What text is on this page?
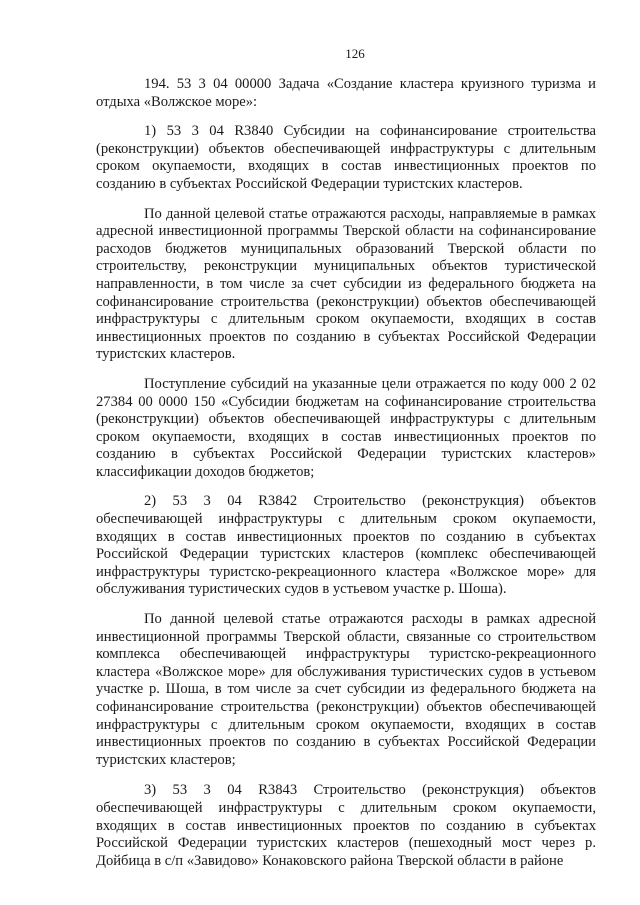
126

194. 53 3 04 00000 Задача «Создание кластера круизного туризма и отдыха «Волжское море»:

1) 53 3 04 R3840 Субсидии на софинансирование строительства (реконструкции) объектов обеспечивающей инфраструктуры с длительным сроком окупаемости, входящих в состав инвестиционных проектов по созданию в субъектах Российской Федерации туристских кластеров.

По данной целевой статье отражаются расходы, направляемые в рамках адресной инвестиционной программы Тверской области на софинансирование расходов бюджетов муниципальных образований Тверской области по строительству, реконструкции муниципальных объектов туристической направленности, в том числе за счет субсидии из федерального бюджета на софинансирование строительства (реконструкции) объектов обеспечивающей инфраструктуры с длительным сроком окупаемости, входящих в состав инвестиционных проектов по созданию в субъектах Российской Федерации туристских кластеров.

Поступление субсидий на указанные цели отражается по коду 000 2 02 27384 00 0000 150 «Субсидии бюджетам на софинансирование строительства (реконструкции) объектов обеспечивающей инфраструктуры с длительным сроком окупаемости, входящих в состав инвестиционных проектов по созданию в субъектах Российской Федерации туристских кластеров» классификации доходов бюджетов;

2) 53 3 04 R3842 Строительство (реконструкция) объектов обеспечивающей инфраструктуры с длительным сроком окупаемости, входящих в состав инвестиционных проектов по созданию в субъектах Российской Федерации туристских кластеров (комплекс обеспечивающей инфраструктуры туристско-рекреационного кластера «Волжское море» для обслуживания туристических судов в устьевом участке р. Шоша).

По данной целевой статье отражаются расходы в рамках адресной инвестиционной программы Тверской области, связанные со строительством комплекса обеспечивающей инфраструктуры туристско-рекреационного кластера «Волжское море» для обслуживания туристических судов в устьевом участке р. Шоша, в том числе за счет субсидии из федерального бюджета на софинансирование строительства (реконструкции) объектов обеспечивающей инфраструктуры с длительным сроком окупаемости, входящих в состав инвестиционных проектов по созданию в субъектах Российской Федерации туристских кластеров;

3) 53 3 04 R3843 Строительство (реконструкция) объектов обеспечивающей инфраструктуры с длительным сроком окупаемости, входящих в состав инвестиционных проектов по созданию в субъектах Российской Федерации туристских кластеров (пешеходный мост через р. Дойбица в с/п «Завидово» Конаковского района Тверской области в районе
